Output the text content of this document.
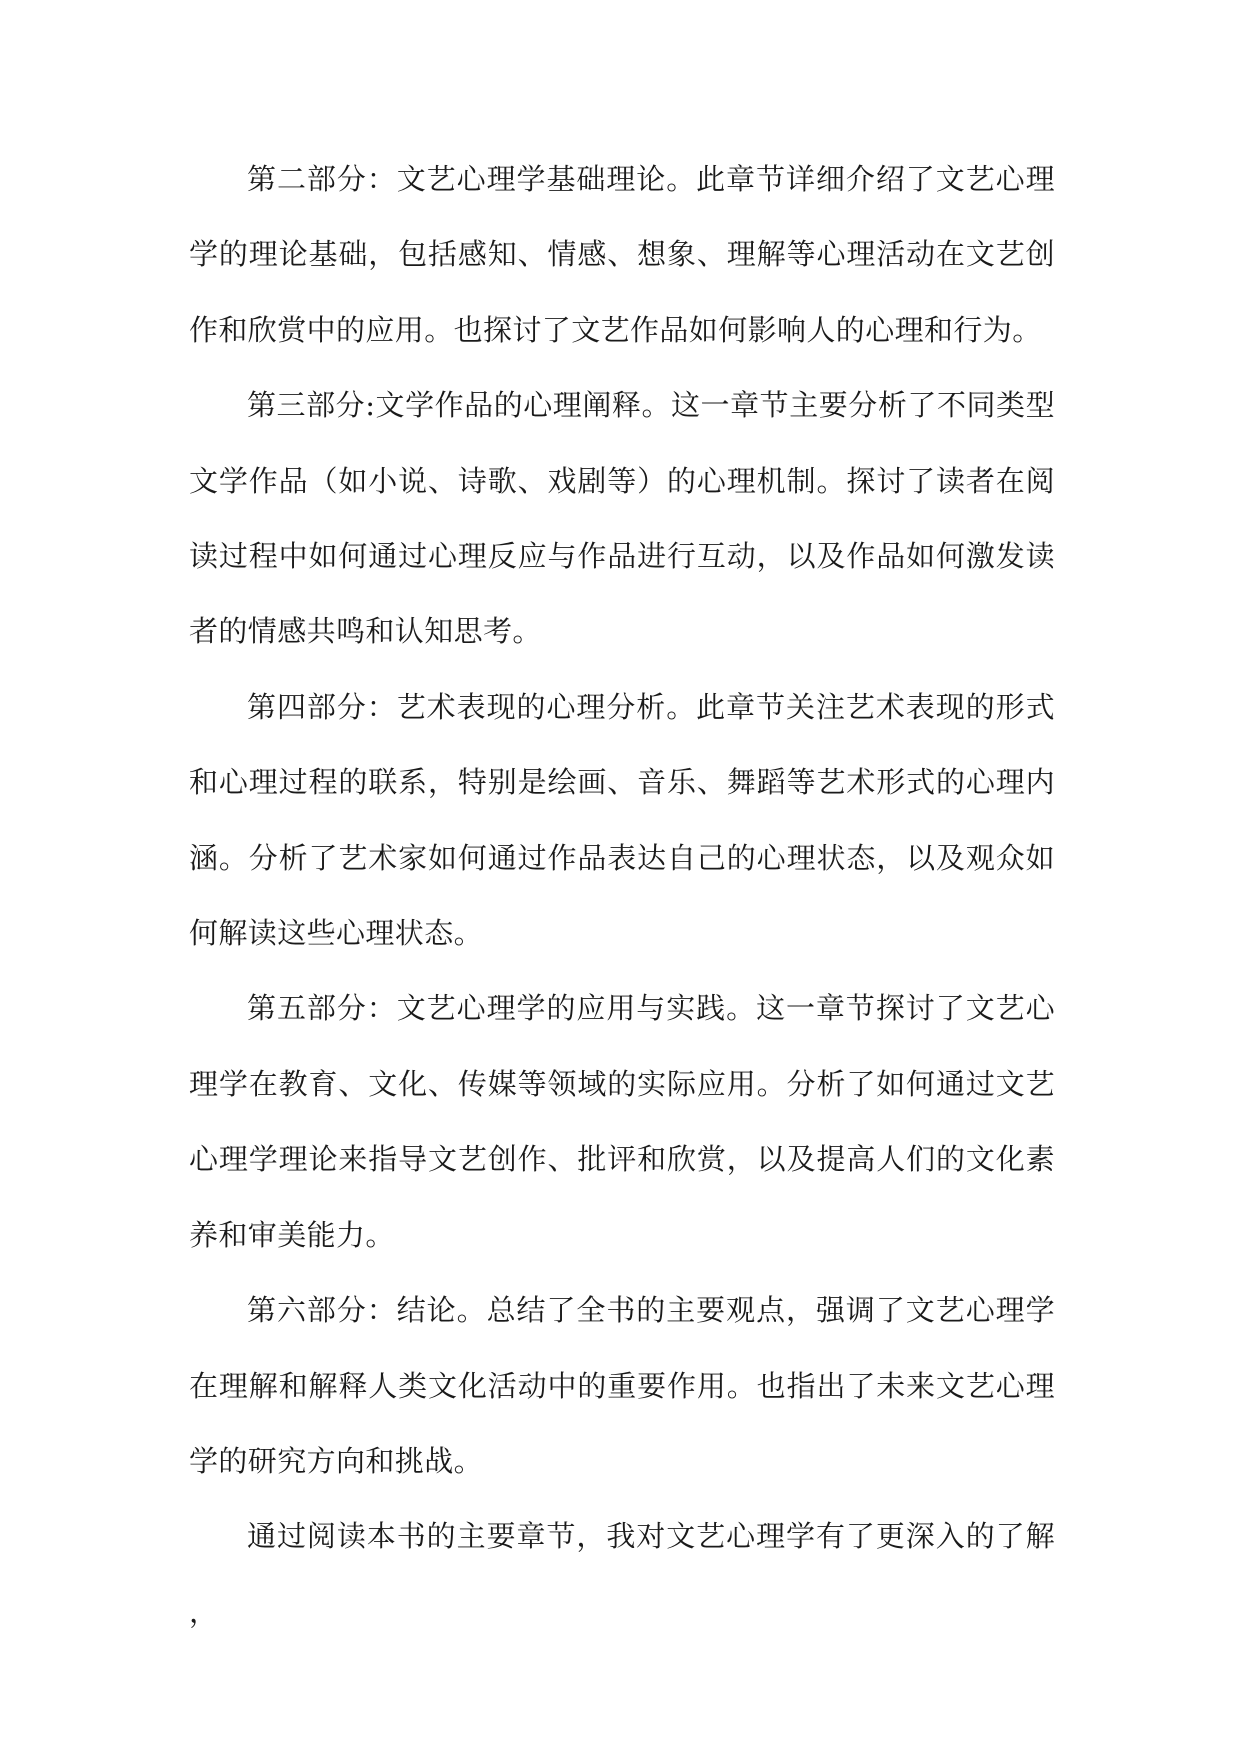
第二部分：文艺心理学基础理论。此章节详细介绍了文艺心理学的理论基础，包括感知、情感、想象、理解等心理活动在文艺创作和欣赏中的应用。也探讨了文艺作品如何影响人的心理和行为。

第三部分:文学作品的心理阐释。这一章节主要分析了不同类型文学作品（如小说、诗歌、戏剧等）的心理机制。探讨了读者在阅读过程中如何通过心理反应与作品进行互动，以及作品如何激发读者的情感共鸣和认知思考。

第四部分：艺术表现的心理分析。此章节关注艺术表现的形式和心理过程的联系，特别是绘画、音乐、舞蹈等艺术形式的心理内涵。分析了艺术家如何通过作品表达自己的心理状态，以及观众如何解读这些心理状态。

第五部分：文艺心理学的应用与实践。这一章节探讨了文艺心理学在教育、文化、传媒等领域的实际应用。分析了如何通过文艺心理学理论来指导文艺创作、批评和欣赏，以及提高人们的文化素养和审美能力。

第六部分：结论。总结了全书的主要观点，强调了文艺心理学在理解和解释人类文化活动中的重要作用。也指出了未来文艺心理学的研究方向和挑战。

通过阅读本书的主要章节，我对文艺心理学有了更深入的了解，
